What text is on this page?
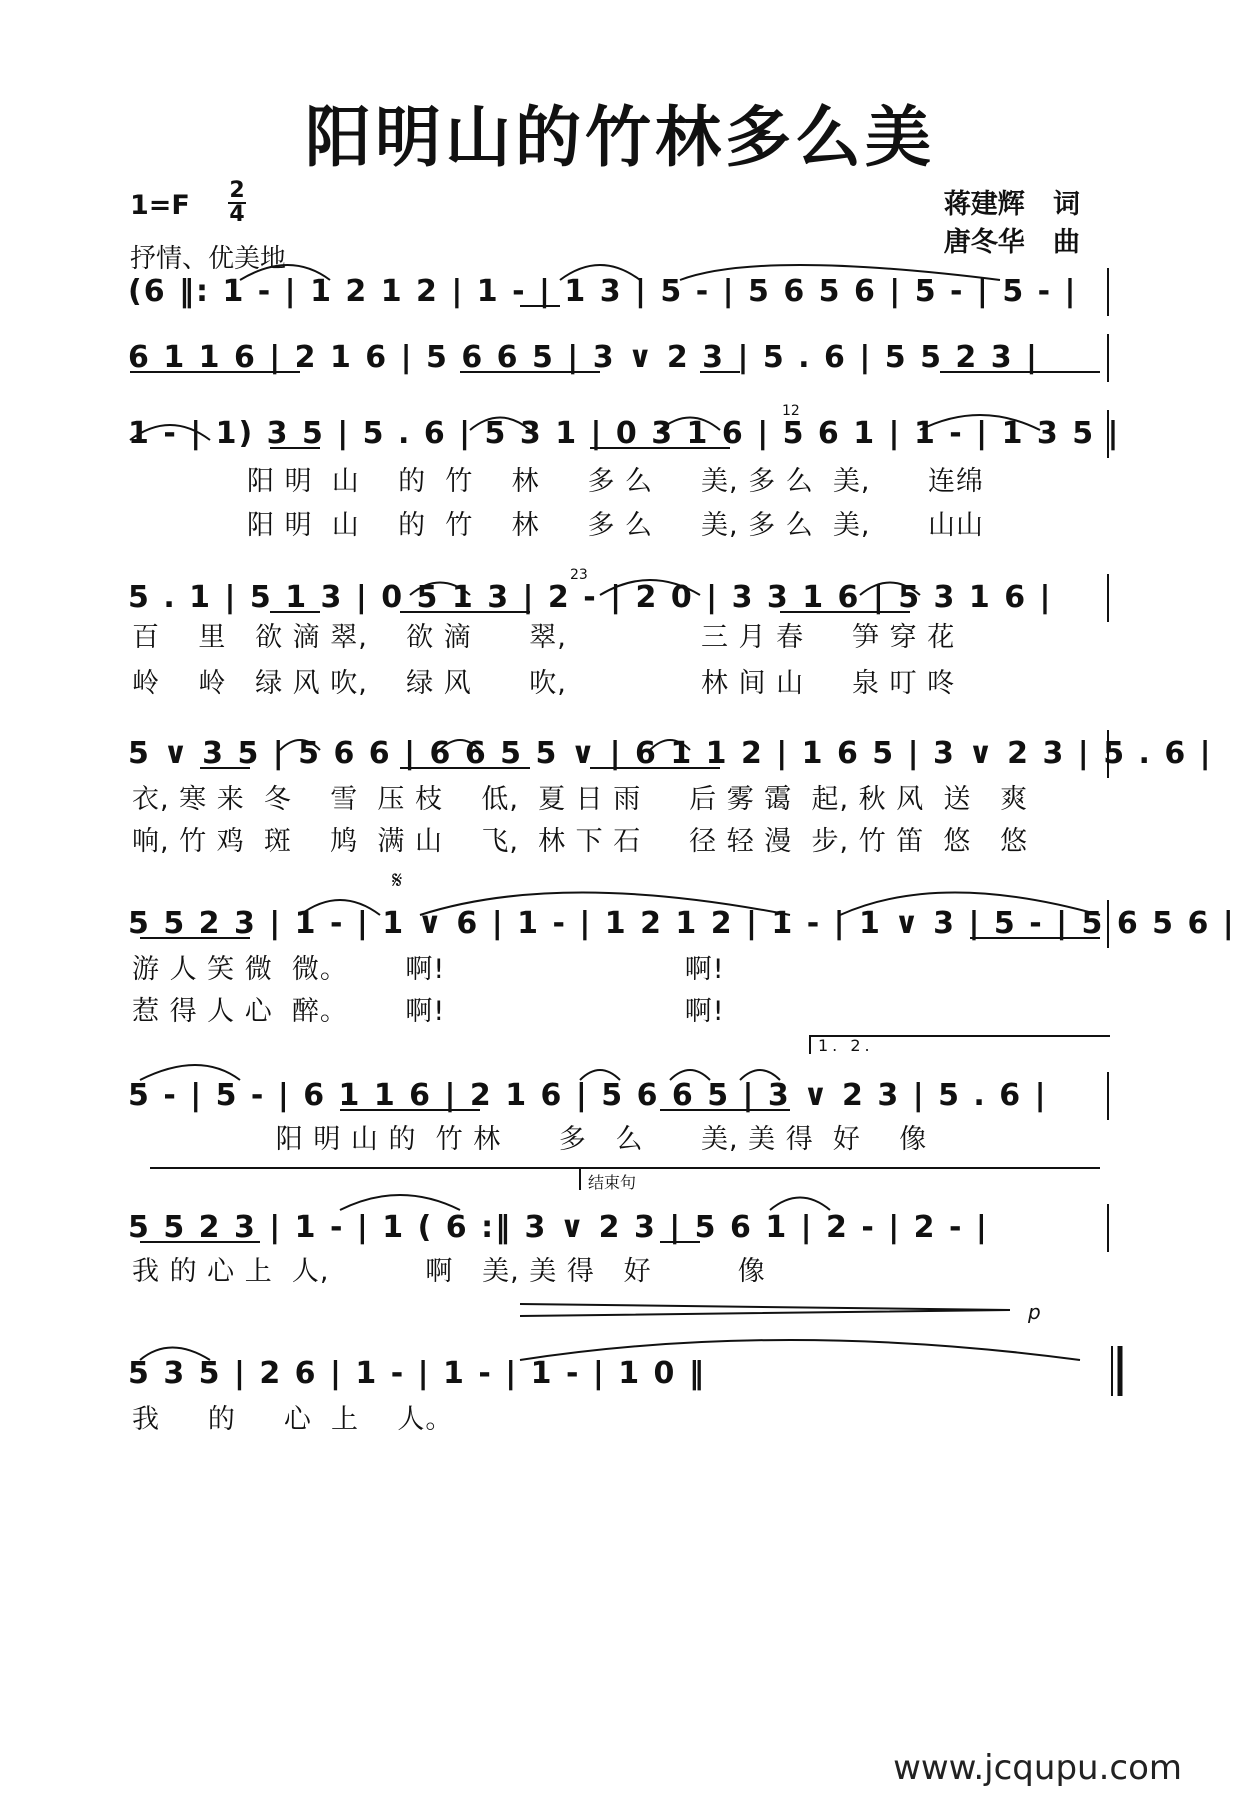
阳明山的竹林多么美
1=F 2
4
抒情、优美地
蒋建辉 词
唐冬华 曲
(6 ‖: 1 - | 1 2 1 2 | 1 - | 1 3 | 5 - | 5 6 5 6 | 5 - | 5 - |
6 1 1 6 | 2 1 6 | 5 6 6 5 | 3 ∨ 2 3 | 5 . 6 | 5 5 2 3 |
1 - | 1) 3 5 | 5 . 6 | 5 3 1 | 0 3 1 6 | 5 6 1 | 1 - | 1 3 5 |
阳 明  山    的  竹    林     多 么     美, 多 么  美,      连绵
阳 明  山    的  竹    林     多 么     美, 多 么  美,      山山
5 . 1 | 5 1 3 | 0 5 1 3 | 2 - | 2 0 | 3 3 1 6 | 5 3 1 6 |
百    里   欲 滴 翠,    欲 滴      翠,              三 月 春     笋 穿 花
岭    岭   绿 风 吹,    绿 风      吹,              林 间 山     泉 叮 咚
5 ∨ 3 5 | 5 6 6 | 6 6 5 5 ∨ | 6 1 1 2 | 1 6 5 | 3 ∨ 2 3 | 5 . 6 |
衣, 寒 来  冬    雪  压 枝    低,  夏 日 雨     后 雾 霭  起, 秋 风  送   爽
响, 竹 鸡  斑    鸠  满 山    飞,  林 下 石     径 轻 漫  步, 竹 笛  悠   悠
5 5 2 3 | 1 - | 1 ∨ 6 | 1 - | 1 2 1 2 | 1 - | 1 ∨ 3 | 5 - | 5 6 5 6 |
游 人 笑 微  微。      啊!                         啊!
惹 得 人 心  醉。      啊!                         啊!
5 - | 5 - | 6 1 1 6 | 2 1 6 | 5 6 6 5 | 3 ∨ 2 3 | 5 . 6 |
阳 明 山 的  竹 林      多   么      美, 美 得  好    像
5 5 2 3 | 1 - | 1 ( 6 :‖ 3 ∨ 2 3 | 5 6 1 | 2 - | 2 - |
我 的 心 上  人,          啊   美, 美 得   好         像
5 3 5 | 2 6 | 1 - | 1 - | 1 - | 1 0 ‖
我     的     心  上    人。
12
23
𝄋
1. 2.
结束句
p
www.jcqupu.com
